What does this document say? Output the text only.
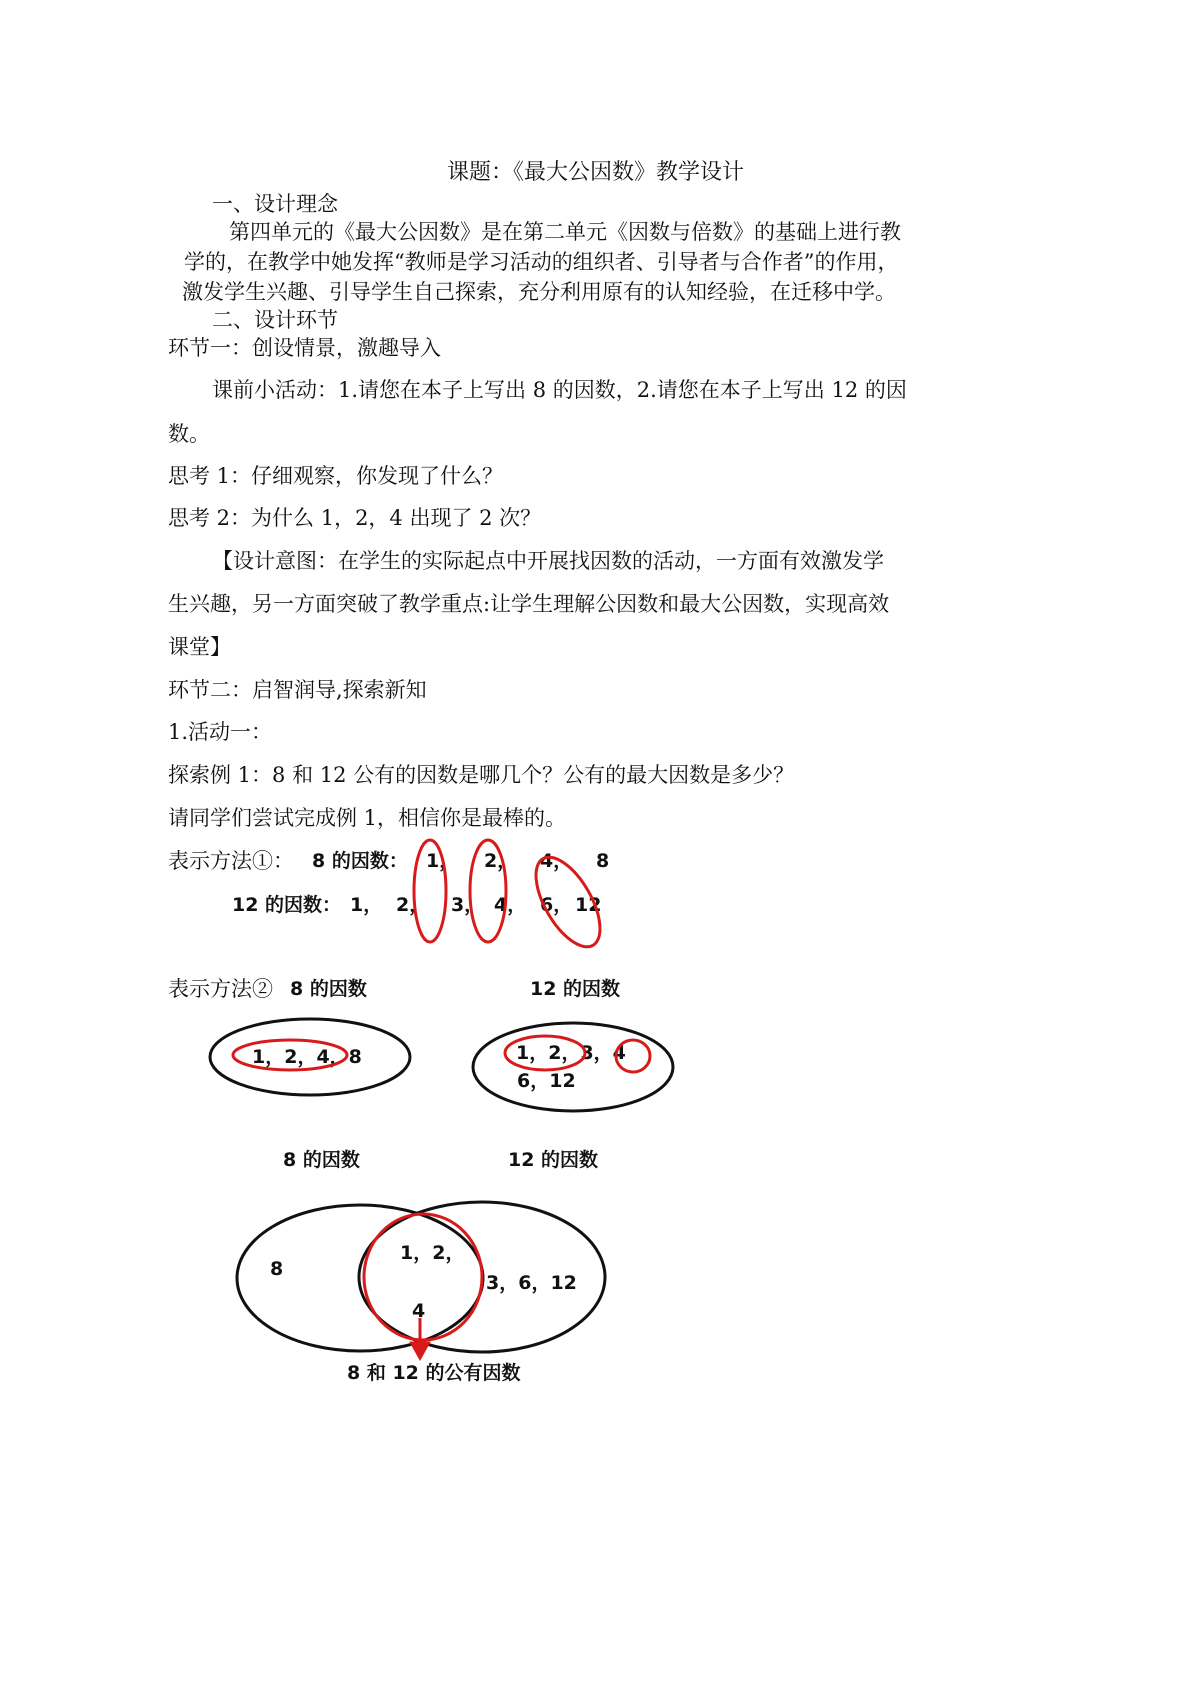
课题：《最大公因数》教学设计
一、设计理念
第四单元的《最大公因数》是在第二单元《因数与倍数》的基础上进行教
学的，在教学中她发挥“教师是学习活动的组织者、引导者与合作者”的作用，
激发学生兴趣、引导学生自己探索，充分利用原有的认知经验，在迁移中学。
二、设计环节
环节一：创设情景，激趣导入
课前小活动：1.请您在本子上写出 8 的因数，2.请您在本子上写出 12 的因
数。
思考 1：仔细观察，你发现了什么？
思考 2：为什么 1，2，4 出现了 2 次？
【设计意图：在学生的实际起点中开展找因数的活动，一方面有效激发学
生兴趣，另一方面突破了教学重点:让学生理解公因数和最大公因数，实现高效
课堂】
环节二：启智润导,探索新知
1.活动一：
探索例 1：8 和 12 公有的因数是哪几个？公有的最大因数是多少？
请同学们尝试完成例 1，相信你是最棒的。
表示方法①： 8 的因数： 1， 2， 4， 8
12 的因数： 1， 2， 3， 4， 6， 12
表示方法② 8 的因数	12 的因数
1，2，4，8	1，2，3，4
6，12
8 的因数	12 的因数
8
1，2，
4
3，6，12
8 和 12 的公有因数
